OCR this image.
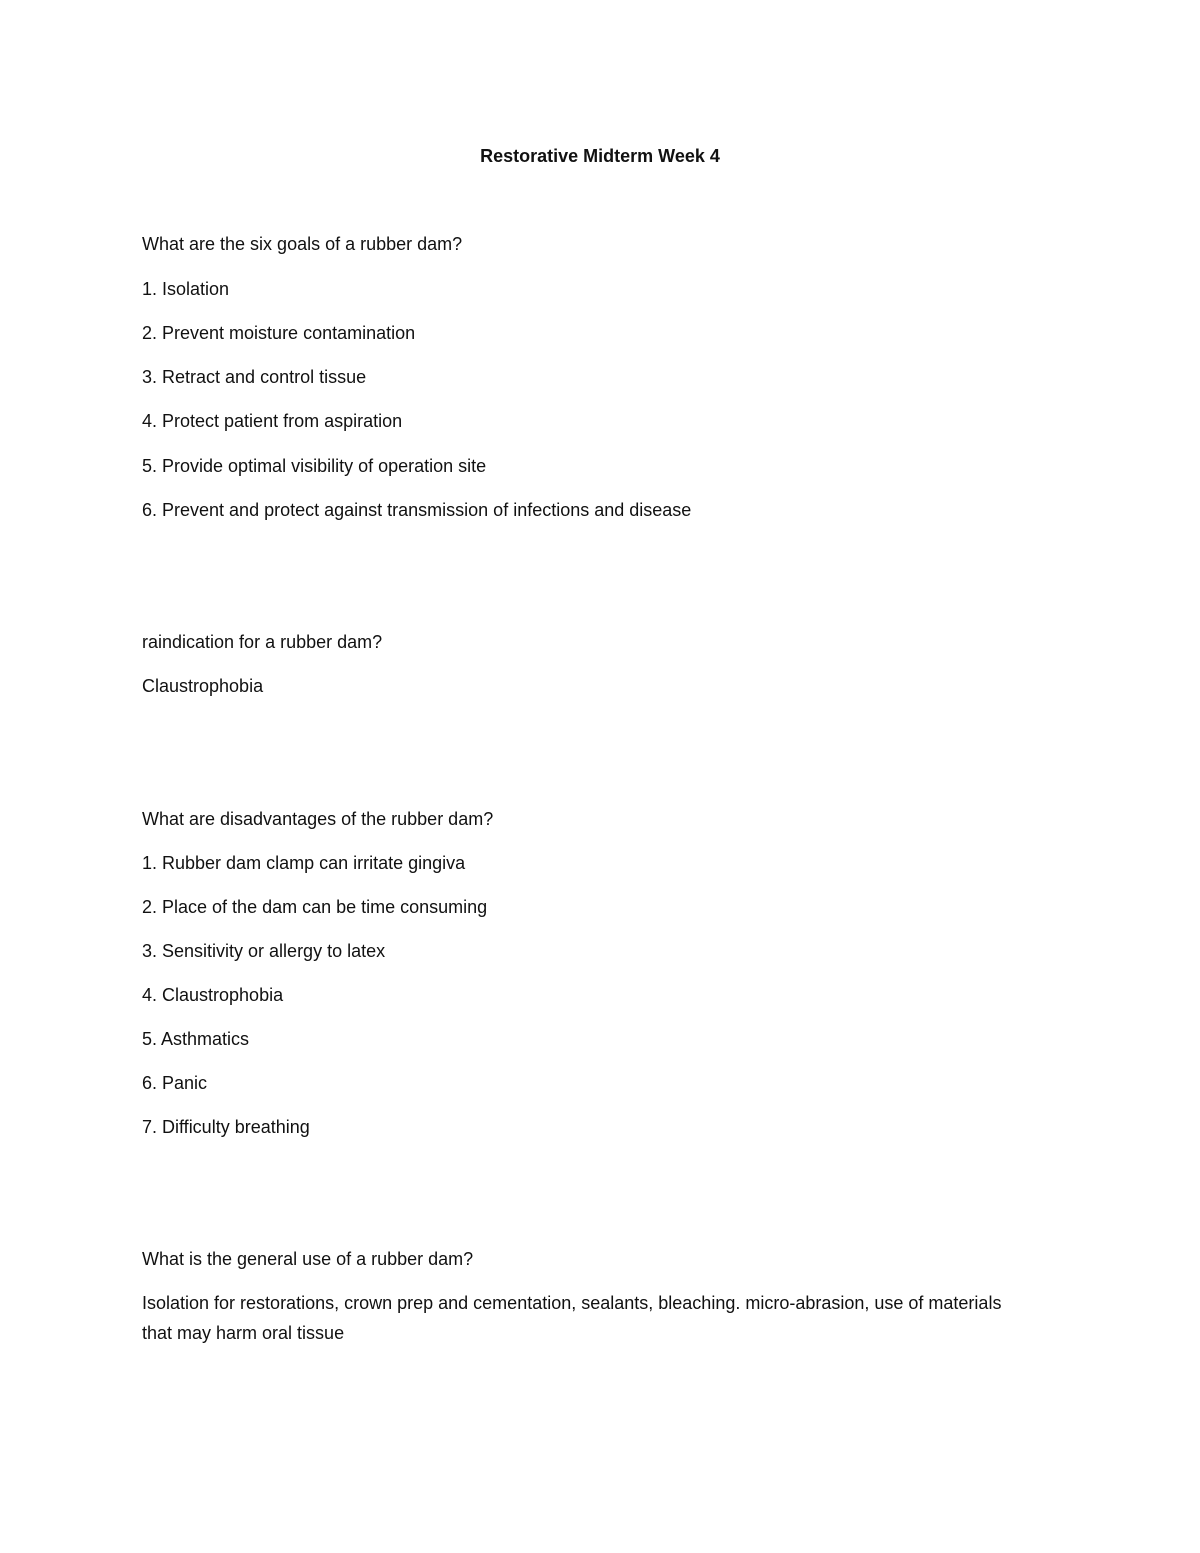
Restorative Midterm Week 4

What are the six goals of a rubber dam?

1. Isolation

2. Prevent moisture contamination

3. Retract and control tissue

4. Protect patient from aspiration

5. Provide optimal visibility of operation site

6. Prevent and protect against transmission of infections and disease

raindication for a rubber dam?

Claustrophobia

What are disadvantages of the rubber dam?

1. Rubber dam clamp can irritate gingiva

2. Place of the dam can be time consuming

3. Sensitivity or allergy to latex

4. Claustrophobia

5. Asthmatics

6. Panic

7. Difficulty breathing

What is the general use of a rubber dam?

Isolation for restorations, crown prep and cementation, sealants, bleaching. micro-abrasion, use of materials that may harm oral tissue
